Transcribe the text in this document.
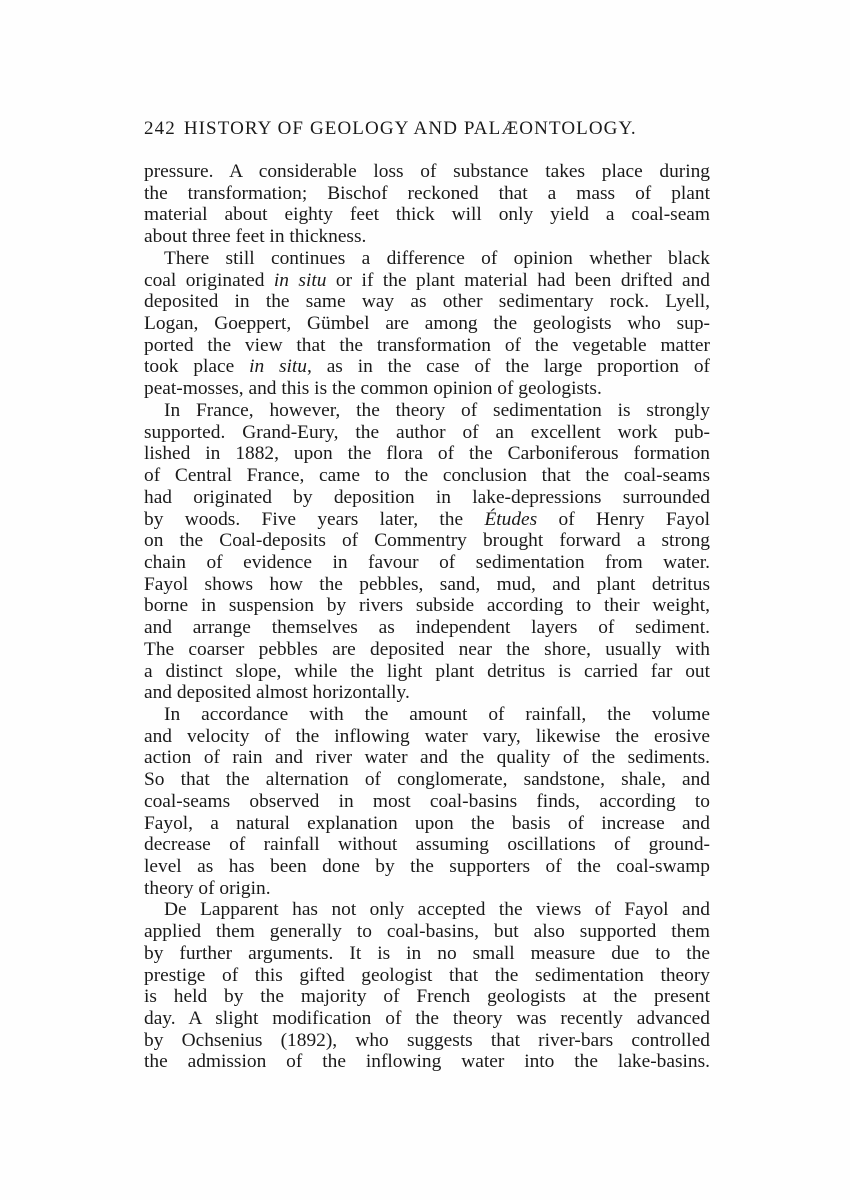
242 HISTORY OF GEOLOGY AND PALÆONTOLOGY.
pressure. A considerable loss of substance takes place during
the transformation; Bischof reckoned that a mass of plant
material about eighty feet thick will only yield a coal-seam
about three feet in thickness.
There still continues a difference of opinion whether black
coal originated in situ or if the plant material had been drifted and
deposited in the same way as other sedimentary rock. Lyell,
Logan, Goeppert, Gümbel are among the geologists who sup-
ported the view that the transformation of the vegetable matter
took place in situ, as in the case of the large proportion of
peat-mosses, and this is the common opinion of geologists.
In France, however, the theory of sedimentation is strongly
supported. Grand-Eury, the author of an excellent work pub-
lished in 1882, upon the flora of the Carboniferous formation
of Central France, came to the conclusion that the coal-seams
had originated by deposition in lake-depressions surrounded
by woods. Five years later, the Études of Henry Fayol
on the Coal-deposits of Commentry brought forward a strong
chain of evidence in favour of sedimentation from water.
Fayol shows how the pebbles, sand, mud, and plant detritus
borne in suspension by rivers subside according to their weight,
and arrange themselves as independent layers of sediment.
The coarser pebbles are deposited near the shore, usually with
a distinct slope, while the light plant detritus is carried far out
and deposited almost horizontally.
In accordance with the amount of rainfall, the volume
and velocity of the inflowing water vary, likewise the erosive
action of rain and river water and the quality of the sediments.
So that the alternation of conglomerate, sandstone, shale, and
coal-seams observed in most coal-basins finds, according to
Fayol, a natural explanation upon the basis of increase and
decrease of rainfall without assuming oscillations of ground-
level as has been done by the supporters of the coal-swamp
theory of origin.
De Lapparent has not only accepted the views of Fayol and
applied them generally to coal-basins, but also supported them
by further arguments. It is in no small measure due to the
prestige of this gifted geologist that the sedimentation theory
is held by the majority of French geologists at the present
day. A slight modification of the theory was recently advanced
by Ochsenius (1892), who suggests that river-bars controlled
the admission of the inflowing water into the lake-basins.
